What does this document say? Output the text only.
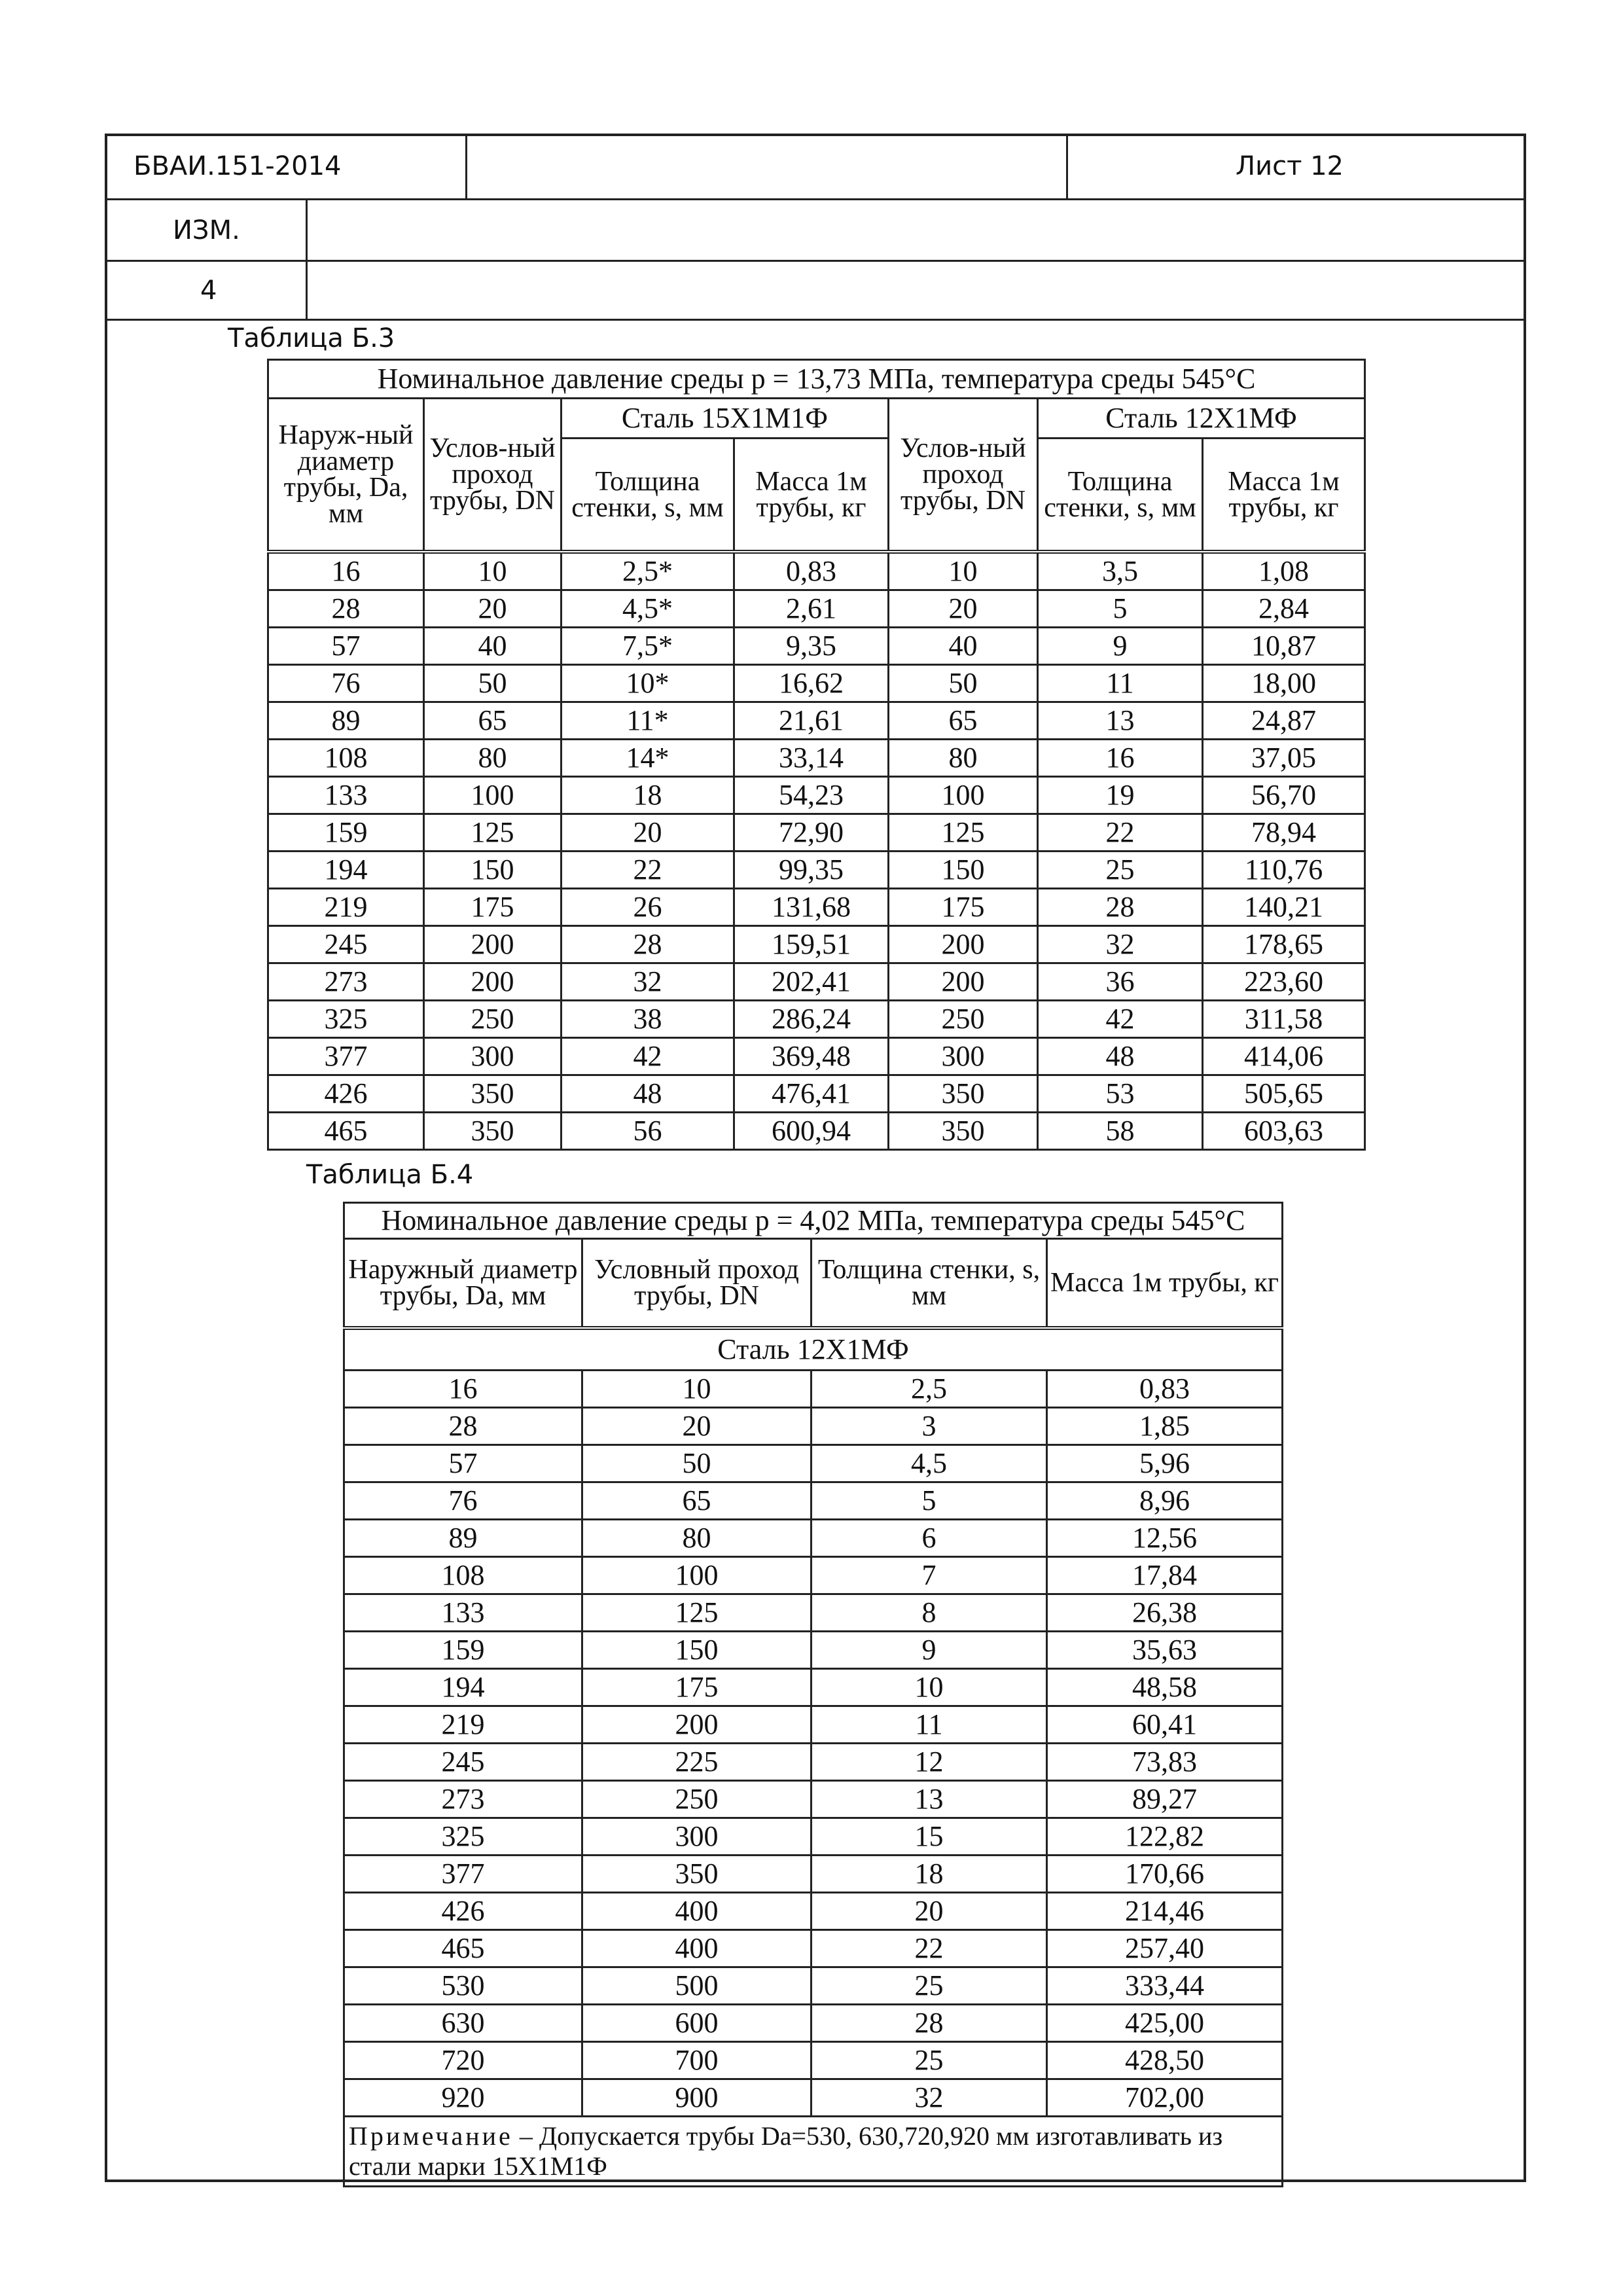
БВАИ.151-2014	Лист 12
ИЗМ.
4
Таблица Б.3
Номинальное давление среды p = 13,73 МПа, температура среды 545°С						
Наруж-ный диаметр трубы, Da, мм	Услов-ный проход трубы, DN	Сталь 15Х1М1Ф		Услов-ный проход трубы, DN	Сталь 12Х1МФ	
		Толщина стенки, s, мм	Масса 1м трубы, кг		Толщина стенки, s, мм	Масса 1м трубы, кг
16	10	2,5*	0,83	10	3,5	1,08
28	20	4,5*	2,61	20	5	2,84
57	40	7,5*	9,35	40	9	10,87
76	50	10*	16,62	50	11	18,00
89	65	11*	21,61	65	13	24,87
108	80	14*	33,14	80	16	37,05
133	100	18	54,23	100	19	56,70
159	125	20	72,90	125	22	78,94
194	150	22	99,35	150	25	110,76
219	175	26	131,68	175	28	140,21
245	200	28	159,51	200	32	178,65
273	200	32	202,41	200	36	223,60
325	250	38	286,24	250	42	311,58
377	300	42	369,48	300	48	414,06
426	350	48	476,41	350	53	505,65
465	350	56	600,94	350	58	603,63
Таблица Б.4
Номинальное давление среды p = 4,02 МПа, температура среды 545°С			
Наружный диаметр трубы, Da, мм	Условный проход трубы, DN	Толщина стенки, s, мм	Масса 1м трубы, кг
Сталь 12Х1МФ			
16	10	2,5	0,83
28	20	3	1,85
57	50	4,5	5,96
76	65	5	8,96
89	80	6	12,56
108	100	7	17,84
133	125	8	26,38
159	150	9	35,63
194	175	10	48,58
219	200	11	60,41
245	225	12	73,83
273	250	13	89,27
325	300	15	122,82
377	350	18	170,66
426	400	20	214,46
465	400	22	257,40
530	500	25	333,44
630	600	28	425,00
720	700	25	428,50
920	900	32	702,00
Примечание – Допускается трубы Da=530, 630,720,920 мм изготавливать из стали марки 15Х1М1Ф			
